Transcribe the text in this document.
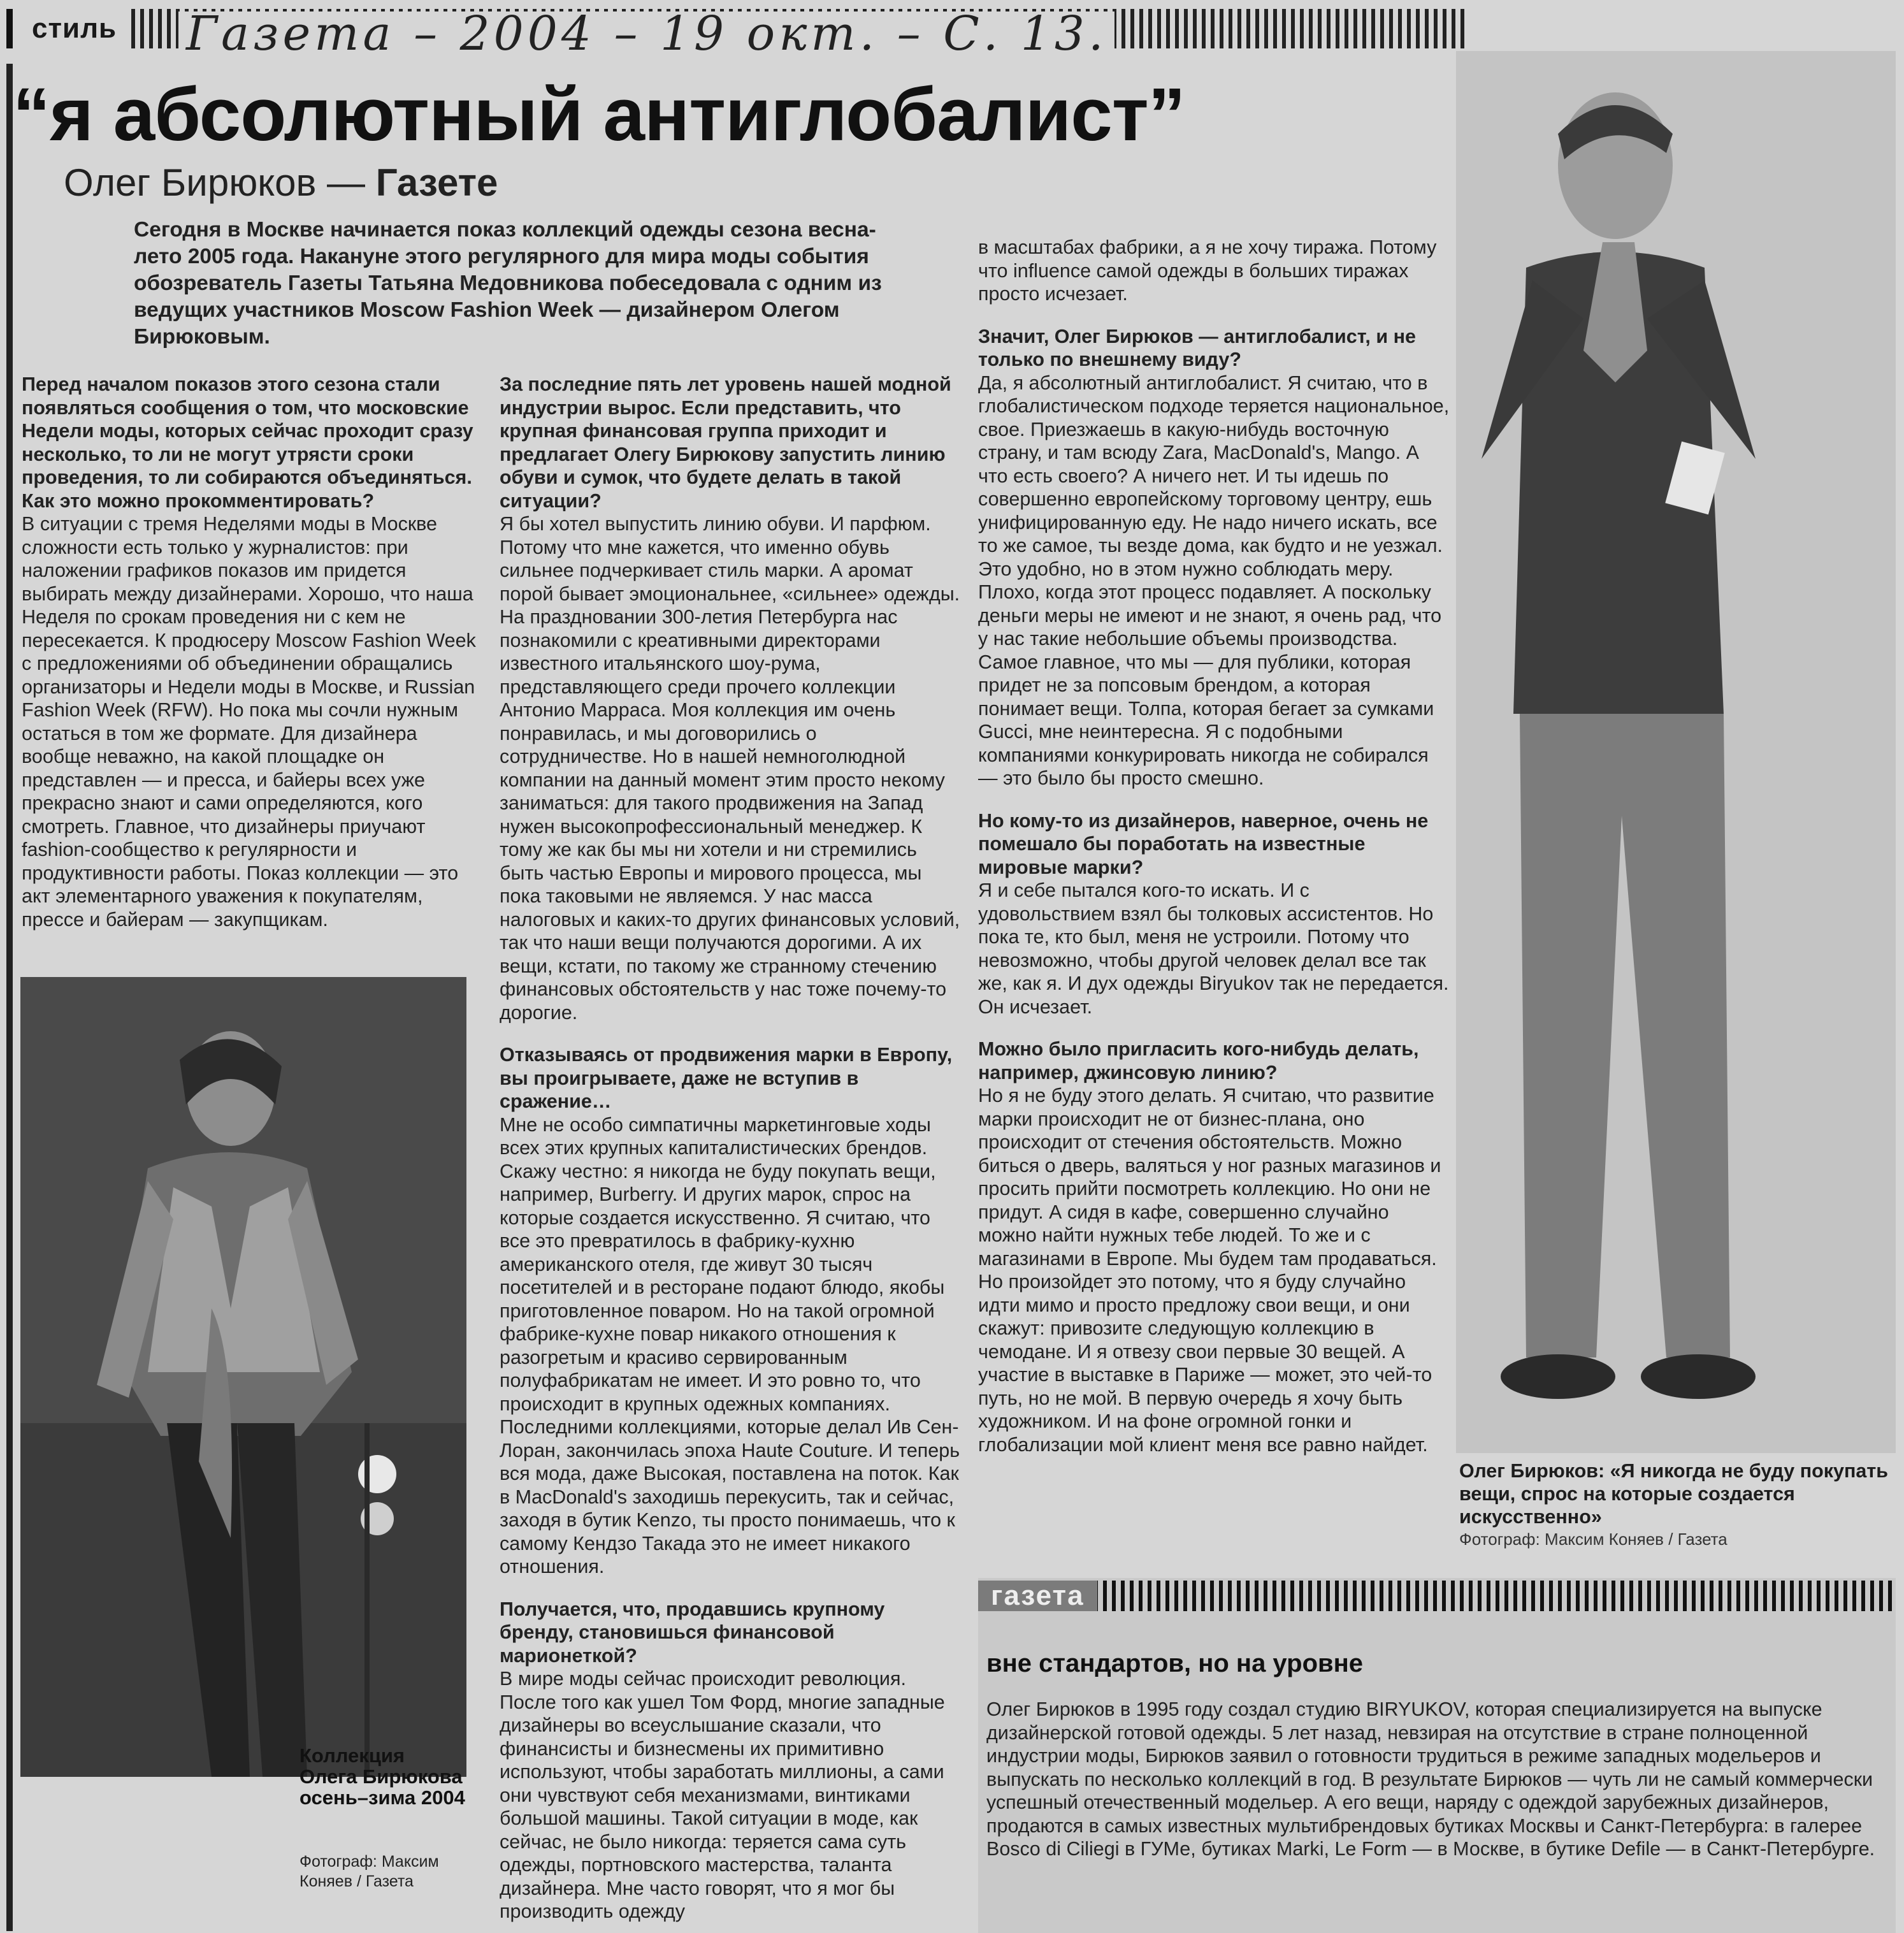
стиль Газета – 2004 – 19 окт. – С. 13.
“я абсолютный антиглобалист”
Олег Бирюков — Газете

Сегодня в Москве начинается показ коллекций одежды сезона весна-лето 2005 года. Накануне этого регулярного для мира моды события обозреватель Газеты Татьяна Медовникова побеседовала с одним из ведущих участников Moscow Fashion Week — дизайнером Олегом Бирюковым.

Перед началом показов этого сезона стали появляться сообщения о том, что московские Недели моды, которых сейчас проходит сразу несколько, то ли не могут утрясти сроки проведения, то ли собираются объединяться. Как это можно прокомментировать?

В ситуации с тремя Неделями моды в Москве сложности есть только у журналистов: при наложении графиков показов им придется выбирать между дизайнерами. Хорошо, что наша Неделя по срокам проведения ни с кем не пересекается. К продюсеру Moscow Fashion Week с предложениями об объединении обращались организаторы и Недели моды в Москве, и Russian Fashion Week (RFW). Но пока мы сочли нужным остаться в том же формате. Для дизайнера вообще неважно, на какой площадке он представлен — и пресса, и байеры всех уже прекрасно знают и сами определяются, кого смотреть. Главное, что дизайнеры приучают fashion-сообщество к регулярности и продуктивности работы. Показ коллекции — это акт элементарного уважения к покупателям, прессе и байерам — закупщикам.

Коллекция Олега Бирюкова осень–зима 2004
Фотограф: Максим Коняев / Газета

За последние пять лет уровень нашей модной индустрии вырос. Если представить, что крупная финансовая группа приходит и предлагает Олегу Бирюкову запустить линию обуви и сумок, что будете делать в такой ситуации?

Я бы хотел выпустить линию обуви. И парфюм. Потому что мне кажется, что именно обувь сильнее подчеркивает стиль марки. А аромат порой бывает эмоциональнее, «сильнее» одежды.

На праздновании 300-летия Петербурга нас познакомили с креативными директорами известного итальянского шоу-рума, представляющего среди прочего коллекции Антонио Марраса. Моя коллекция им очень понравилась, и мы договорились о сотрудничестве. Но в нашей немноголюдной компании на данный момент этим просто некому заниматься: для такого продвижения на Запад нужен высокопрофессиональный менеджер. К тому же как бы мы ни хотели и ни стремились быть частью Европы и мирового процесса, мы пока таковыми не являемся. У нас масса налоговых и каких-то других финансовых условий, так что наши вещи получаются дорогими. А их вещи, кстати, по такому же странному стечению финансовых обстоятельств у нас тоже почему-то дорогие.

Отказываясь от продвижения марки в Европу, вы проигрываете, даже не вступив в сражение…

Мне не особо симпатичны маркетинговые ходы всех этих крупных капиталистических брендов. Скажу честно: я никогда не буду покупать вещи, например, Burberry. И других марок, спрос на которые создается искусственно. Я считаю, что все это превратилось в фабрику-кухню американского отеля, где живут 30 тысяч посетителей и в ресторане подают блюдо, якобы приготовленное поваром. Но на такой огромной фабрике-кухне повар никакого отношения к разогретым и красиво сервированным полуфабрикатам не имеет. И это ровно то, что происходит в крупных одежных компаниях. Последними коллекциями, которые делал Ив Сен-Лоран, закончилась эпоха Haute Couture. И теперь вся мода, даже Высокая, поставлена на поток. Как в MacDonald's заходишь перекусить, так и сейчас, заходя в бутик Kenzo, ты просто понимаешь, что к самому Кендзо Такада это не имеет никакого отношения.

Получается, что, продавшись крупному бренду, становишься финансовой марионеткой?

В мире моды сейчас происходит революция. После того как ушел Том Форд, многие западные дизайнеры во всеуслышание сказали, что финансисты и бизнесмены их примитивно используют, чтобы заработать миллионы, а сами они чувствуют себя механизмами, винтиками большой машины. Такой ситуации в моде, как сейчас, не было никогда: теряется сама суть одежды, портновского мастерства, таланта дизайнера. Мне часто говорят, что я мог бы производить одежду

в масштабах фабрики, а я не хочу тиража. Потому что influence самой одежды в больших тиражах просто исчезает.

Значит, Олег Бирюков — антиглобалист, и не только по внешнему виду?

Да, я абсолютный антиглобалист. Я считаю, что в глобалистическом подходе теряется национальное, свое. Приезжаешь в какую-нибудь восточную страну, и там всюду Zara, MacDonald's, Mango. А что есть своего? А ничего нет. И ты идешь по совершенно европейскому торговому центру, ешь унифицированную еду. Не надо ничего искать, все то же самое, ты везде дома, как будто и не уезжал. Это удобно, но в этом нужно соблюдать меру. Плохо, когда этот процесс подавляет. А поскольку деньги меры не имеют и не знают, я очень рад, что у нас такие небольшие объемы производства. Самое главное, что мы — для публики, которая придет не за попсовым брендом, а которая понимает вещи. Толпа, которая бегает за сумками Gucci, мне неинтересна. Я с подобными компаниями конкурировать никогда не собирался — это было бы просто смешно.

Но кому-то из дизайнеров, наверное, очень не помешало бы поработать на известные мировые марки?

Я и себе пытался кого-то искать. И с удовольствием взял бы толковых ассистентов. Но пока те, кто был, меня не устроили. Потому что невозможно, чтобы другой человек делал все так же, как я. И дух одежды Biryukov так не передается. Он исчезает.

Можно было пригласить кого-нибудь делать, например, джинсовую линию?

Но я не буду этого делать. Я считаю, что развитие марки происходит не от бизнес-плана, оно происходит от стечения обстоятельств. Можно биться о дверь, валяться у ног разных магазинов и просить прийти посмотреть коллекцию. Но они не придут. А сидя в кафе, совершенно случайно можно найти нужных тебе людей. То же и с магазинами в Европе. Мы будем там продаваться. Но произойдет это потому, что я буду случайно идти мимо и просто предложу свои вещи, и они скажут: привозите следующую коллекцию в чемодане. И я отвезу свои первые 30 вещей. А участие в выставке в Париже — может, это чей-то путь, но не мой. В первую очередь я хочу быть художником. И на фоне огромной гонки и глобализации мой клиент меня все равно найдет.

Олег Бирюков: «Я никогда не буду покупать вещи, спрос на которые создается искусственно»

Фотограф: Максим Коняев / Газета
газета
вне стандартов, но на уровне

Олег Бирюков в 1995 году создал студию BIRYUKOV, которая специализируется на выпуске дизайнерской готовой одежды. 5 лет назад, невзирая на отсутствие в стране полноценной индустрии моды, Бирюков заявил о готовности трудиться в режиме западных модельеров и выпускать по несколько коллекций в год. В результате Бирюков — чуть ли не самый коммерчески успешный отечественный модельер. А его вещи, наряду с одеждой зарубежных дизайнеров, продаются в самых известных мультибрендовых бутиках Москвы и Санкт-Петербурга: в галерее Bosco di Ciliegi в ГУМе, бутиках Marki, Le Form — в Москве, в бутике Defile — в Санкт-Петербурге.
